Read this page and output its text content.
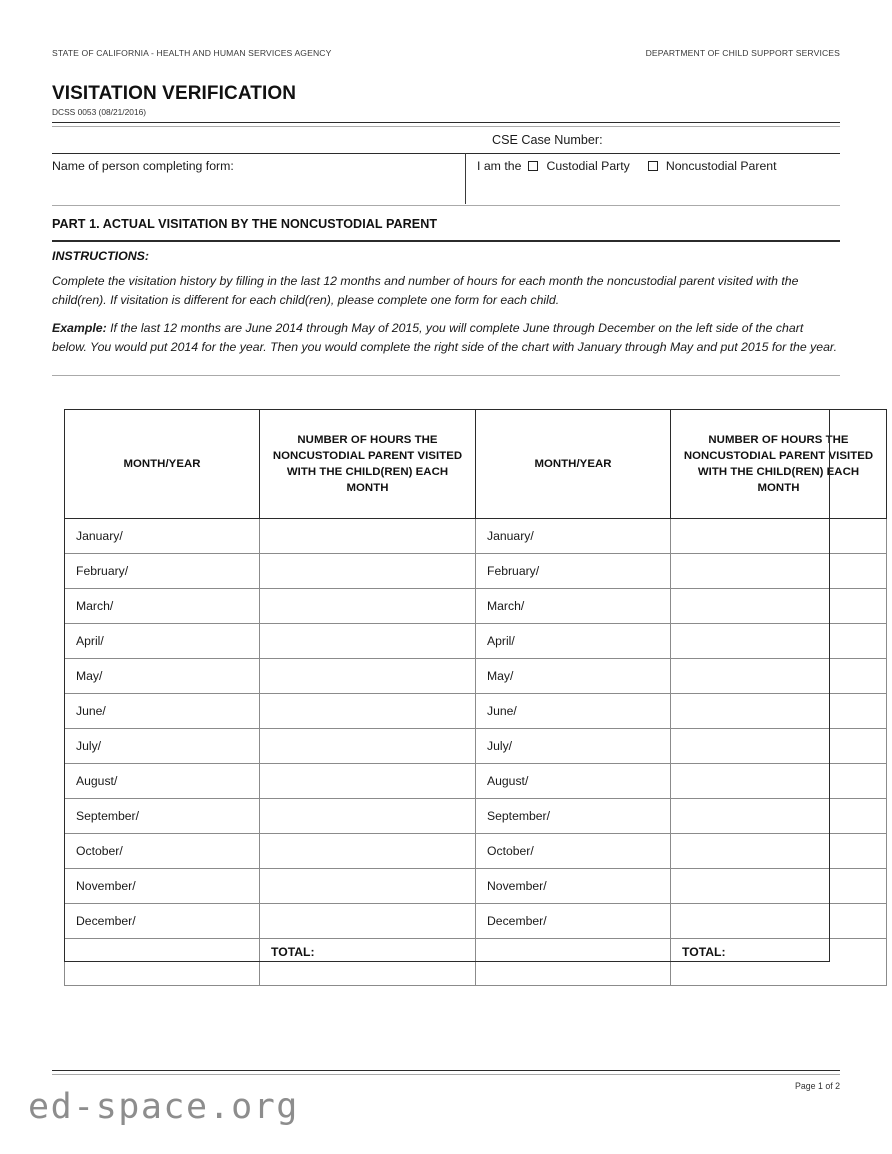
STATE OF CALIFORNIA - HEALTH AND HUMAN SERVICES AGENCY	DEPARTMENT OF CHILD SUPPORT SERVICES
VISITATION VERIFICATION
DCSS 0053 (08/21/2016)
CSE Case Number:
Name of person completing form:	I am the Custodial Party	Noncustodial Parent
PART 1. ACTUAL VISITATION BY THE NONCUSTODIAL PARENT
INSTRUCTIONS:
Complete the visitation history by filling in the last 12 months and number of hours for each month the noncustodial parent visited with the child(ren). If visitation is different for each child(ren), please complete one form for each child.
Example: If the last 12 months are June 2014 through May of 2015, you will complete June through December on the left side of the chart below. You would put 2014 for the year. Then you would complete the right side of the chart with January through May and put 2015 for the year.
MONTH/YEAR	NUMBER OF HOURS THE NONCUSTODIAL PARENT VISITED WITH THE CHILD(REN) EACH MONTH	MONTH/YEAR	NUMBER OF HOURS THE NONCUSTODIAL PARENT VISITED WITH THE CHILD(REN) EACH MONTH
January/		January/	
February/		February/	
March/		March/	
April/		April/	
May/		May/	
June/		June/	
July/		July/	
August/		August/	
September/		September/	
October/		October/	
November/		November/	
December/		December/	
	TOTAL:		TOTAL:
Page 1 of 2
ed-space.org
